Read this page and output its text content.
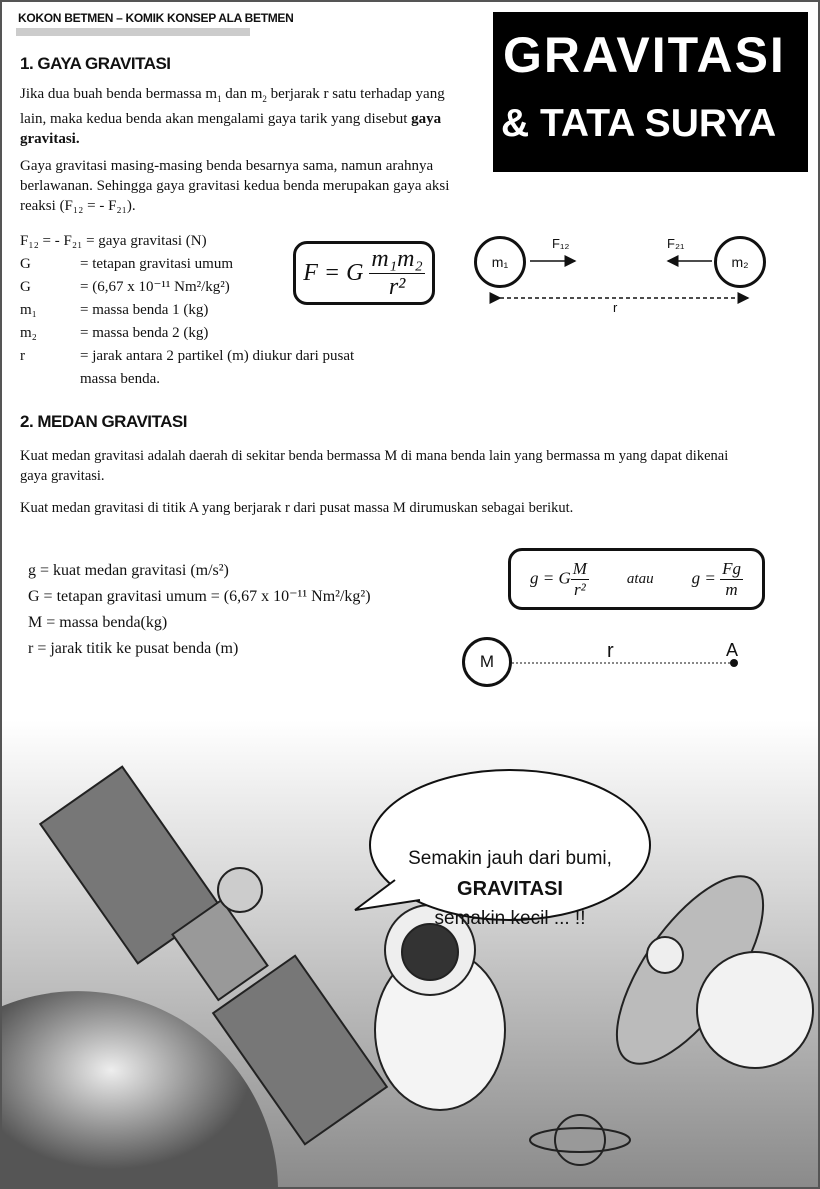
KOKON BETMEN – KOMIK KONSEP ALA BETMEN
GRAVITASI
& TATA SURYA
1. GAYA GRAVITASI
Jika dua buah benda bermassa $m_1$ dan $m_2$ berjarak r satu terhadap yang lain, maka kedua benda akan mengalami gaya tarik yang disebut gaya gravitasi.
Gaya gravitasi masing-masing benda besarnya sama, namun arahnya berlawanan. Sehingga gaya gravitasi kedua benda merupakan gaya aksi reaksi (F₁₂ = - F₂₁).
F₁₂ = - F₂₁ = gaya gravitasi (N)	
G	= tetapan gravitasi umum
G	= (6,67 x 10⁻¹¹ Nm²/kg²)
m₁	= massa benda 1 (kg)
m₂	= massa benda 2 (kg)
r	= jarak antara 2 partikel (m) diukur dari pusat massa benda.
F = G
$\frac{\text{m₁m₂}}{\text{r²}}$	m₁	m₂
F₁₂	F₂₁
r
2. MEDAN GRAVITASI
Kuat medan gravitasi adalah daerah di sekitar benda bermassa M di mana benda lain yang bermassa m yang dapat dikenai gaya gravitasi.
Kuat medan gravitasi di titik A yang berjarak r dari pusat massa M dirumuskan sebagai berikut.
g = kuat medan gravitasi (m/s²)
G = tetapan gravitasi umum = (6,67 x 10⁻¹¹ Nm²/kg²)
M = massa benda(kg)
r = jarak titik ke pusat benda (m)
g = G $\frac{M}{\text{r²}}$	atau $g = \frac{Fg}{m}$
M	r	A
Semakin jauh dari bumi,
GRAVITASI
semakin kecil ... !!
